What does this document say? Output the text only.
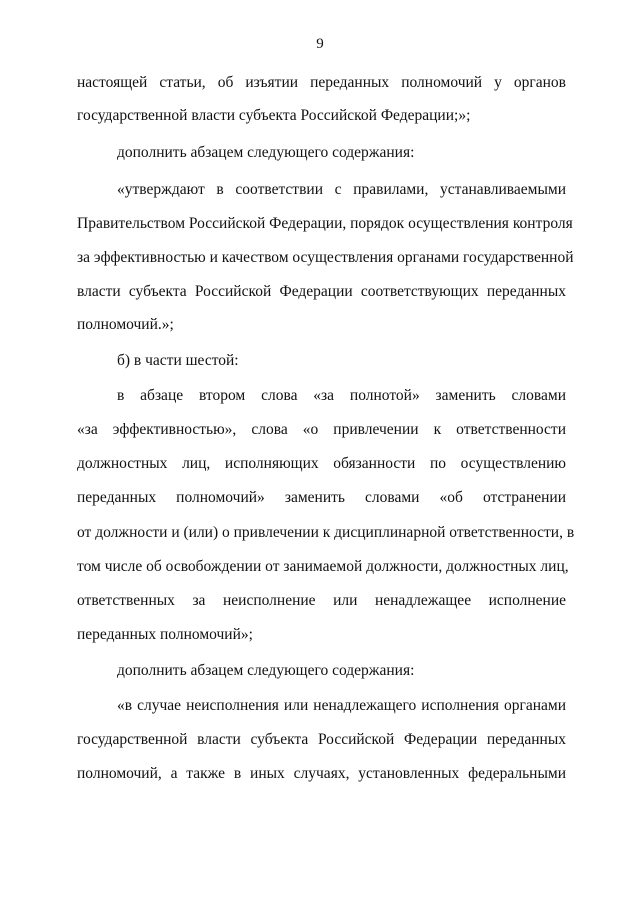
9
настоящей статьи, об изъятии переданных полномочий у органов
государственной власти субъекта Российской Федерации;»;
дополнить абзацем следующего содержания:
«утверждают в соответствии с правилами, устанавливаемыми
Правительством Российской Федерации, порядок осуществления контроля
за эффективностью и качеством осуществления органами государственной
власти субъекта Российской Федерации соответствующих переданных
полномочий.»;
б) в части шестой:
в абзаце втором слова «за полнотой» заменить словами
«за эффективностью», слова «о привлечении к ответственности
должностных лиц, исполняющих обязанности по осуществлению
переданных полномочий» заменить словами «об отстранении
от должности и (или) о привлечении к дисциплинарной ответственности, в
том числе об освобождении от занимаемой должности, должностных лиц,
ответственных за неисполнение или ненадлежащее исполнение
переданных полномочий»;
дополнить абзацем следующего содержания:
«в случае неисполнения или ненадлежащего исполнения органами
государственной власти субъекта Российской Федерации переданных
полномочий, а также в иных случаях, установленных федеральными
